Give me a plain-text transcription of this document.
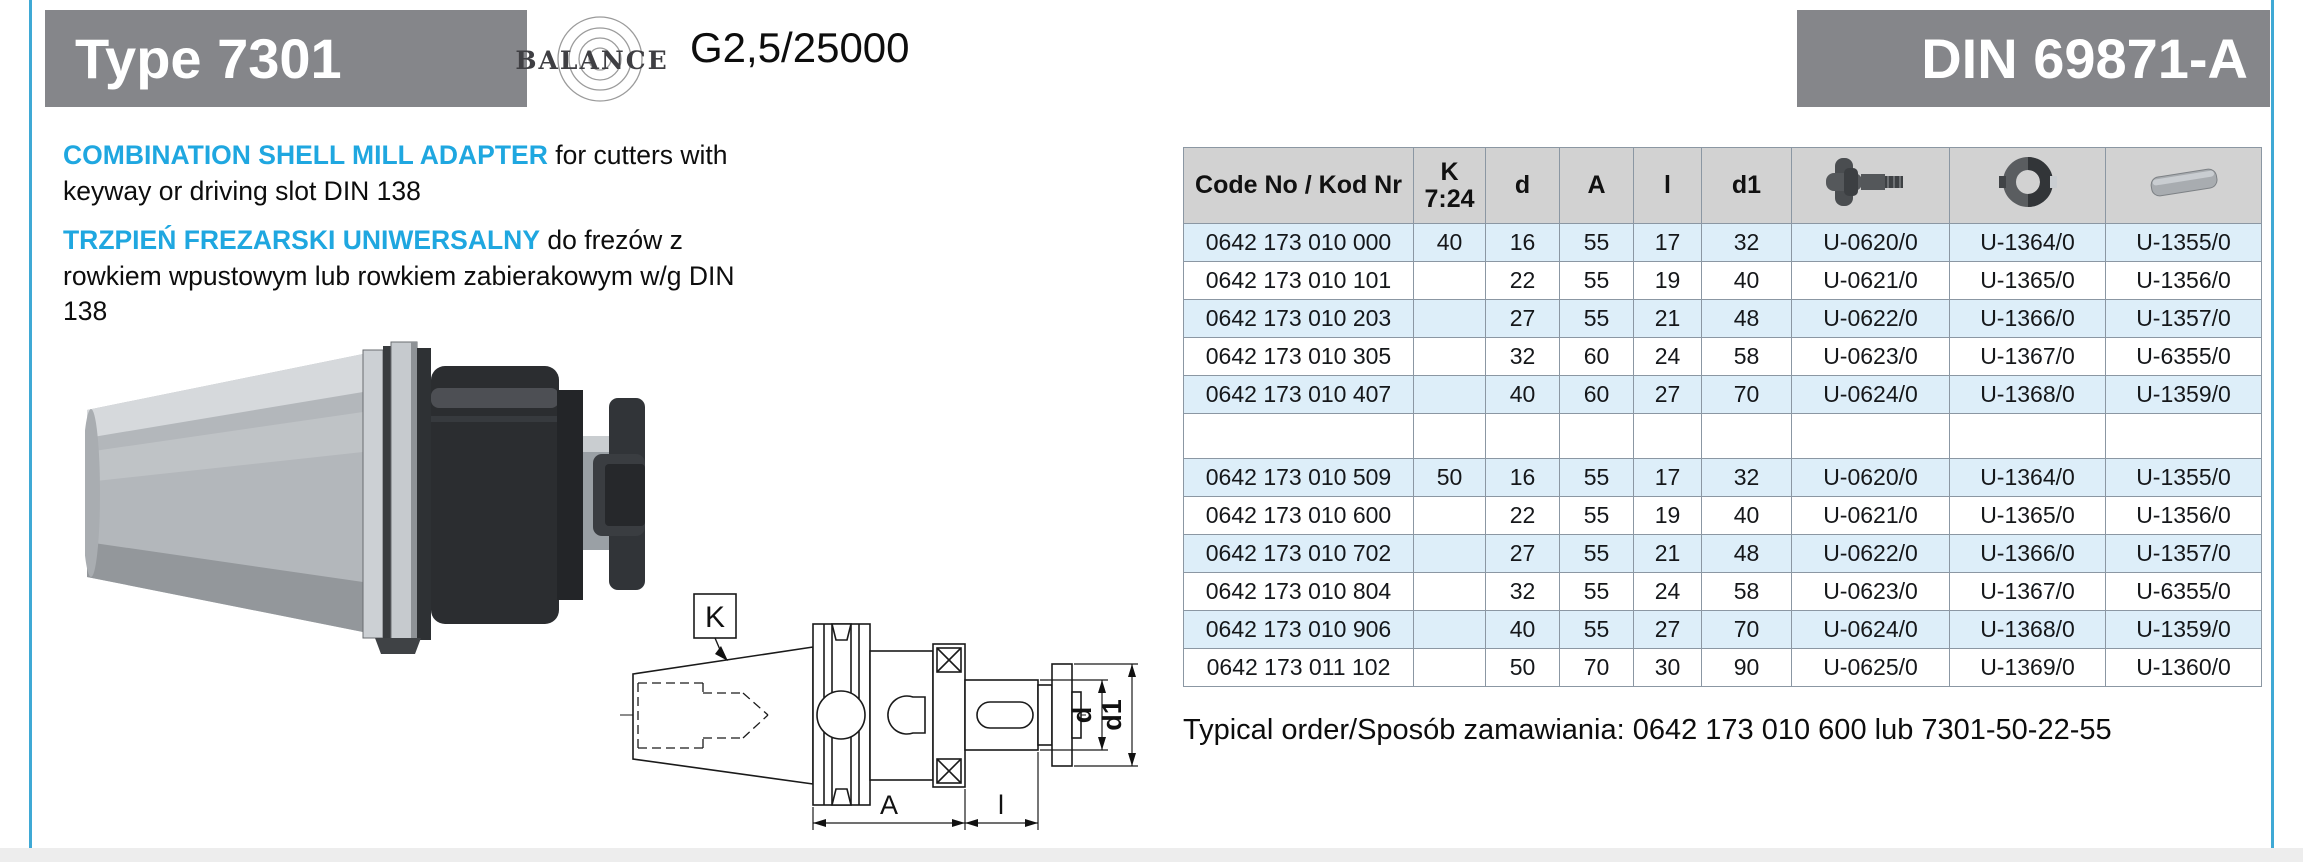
Type 7301	BALANCE G2,5/25000	DIN 69871-A

COMBINATION SHELL MILL ADAPTER for cutters with keyway or driving slot DIN 138

TRZPIEŃ FREZARSKI UNIWERSALNY do frezów z rowkiem wpustowym lub rowkiem zabierakowym w/g DIN 138

K
A	l
d d1
Code No / Kod Nr	K
7:24	d	A	l	d1			
0642 173 010 000	40	16	55	17	32	U-0620/0	U-1364/0	U-1355/0
0642 173 010 101		22	55	19	40	U-0621/0	U-1365/0	U-1356/0
0642 173 010 203		27	55	21	48	U-0622/0	U-1366/0	U-1357/0
0642 173 010 305		32	60	24	58	U-0623/0	U-1367/0	U-6355/0
0642 173 010 407		40	60	27	70	U-0624/0	U-1368/0	U-1359/0

0642 173 010 509	50	16	55	17	32	U-0620/0	U-1364/0	U-1355/0
0642 173 010 600		22	55	19	40	U-0621/0	U-1365/0	U-1356/0
0642 173 010 702		27	55	21	48	U-0622/0	U-1366/0	U-1357/0
0642 173 010 804		32	55	24	58	U-0623/0	U-1367/0	U-6355/0
0642 173 010 906		40	55	27	70	U-0624/0	U-1368/0	U-1359/0
0642 173 011 102		50	70	30	90	U-0625/0	U-1369/0	U-1360/0
Typical order/Sposób zamawiania: 0642 173 010 600 lub 7301-50-22-55
